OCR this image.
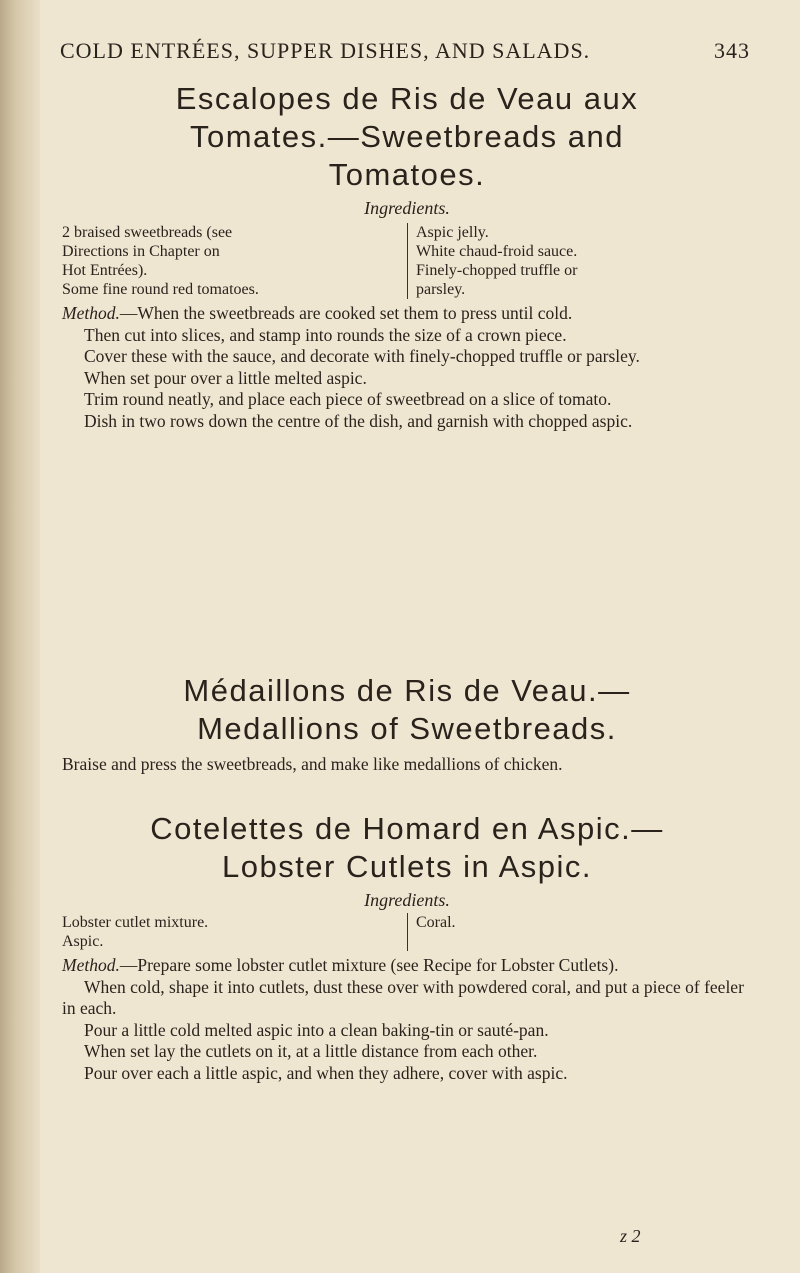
COLD ENTRÉES, SUPPER DISHES, AND SALADS.	343
Escalopes de Ris de Veau aux
Tomates.—Sweetbreads and
Tomatoes.

Ingredients.

2 braised sweetbreads (see
Directions in Chapter on
Hot Entrées).
Some fine round red tomatoes.
Aspic jelly.
White chaud-froid sauce.
Finely-chopped truffle or
parsley.

Method.—When the sweetbreads are cooked set them to press until cold.

Then cut into slices, and stamp into rounds the size of a crown piece.

Cover these with the sauce, and decorate with finely-chopped truffle or parsley.

When set pour over a little melted aspic.

Trim round neatly, and place each piece of sweetbread on a slice of tomato.

Dish in two rows down the centre of the dish, and garnish with chopped aspic.

Médaillons de Ris de Veau.—
Medallions of Sweetbreads.

Braise and press the sweetbreads, and make like medallions of chicken.

Cotelettes de Homard en Aspic.—
Lobster Cutlets in Aspic.

Ingredients.

Lobster cutlet mixture.
Aspic.
Coral.

Method.—Prepare some lobster cutlet mixture (see Recipe for Lobster Cutlets).

When cold, shape it into cutlets, dust these over with powdered coral, and put a piece of feeler in each.

Pour a little cold melted aspic into a clean baking-tin or sauté-pan.

When set lay the cutlets on it, at a little distance from each other.

Pour over each a little aspic, and when they adhere, cover with aspic.

z 2
